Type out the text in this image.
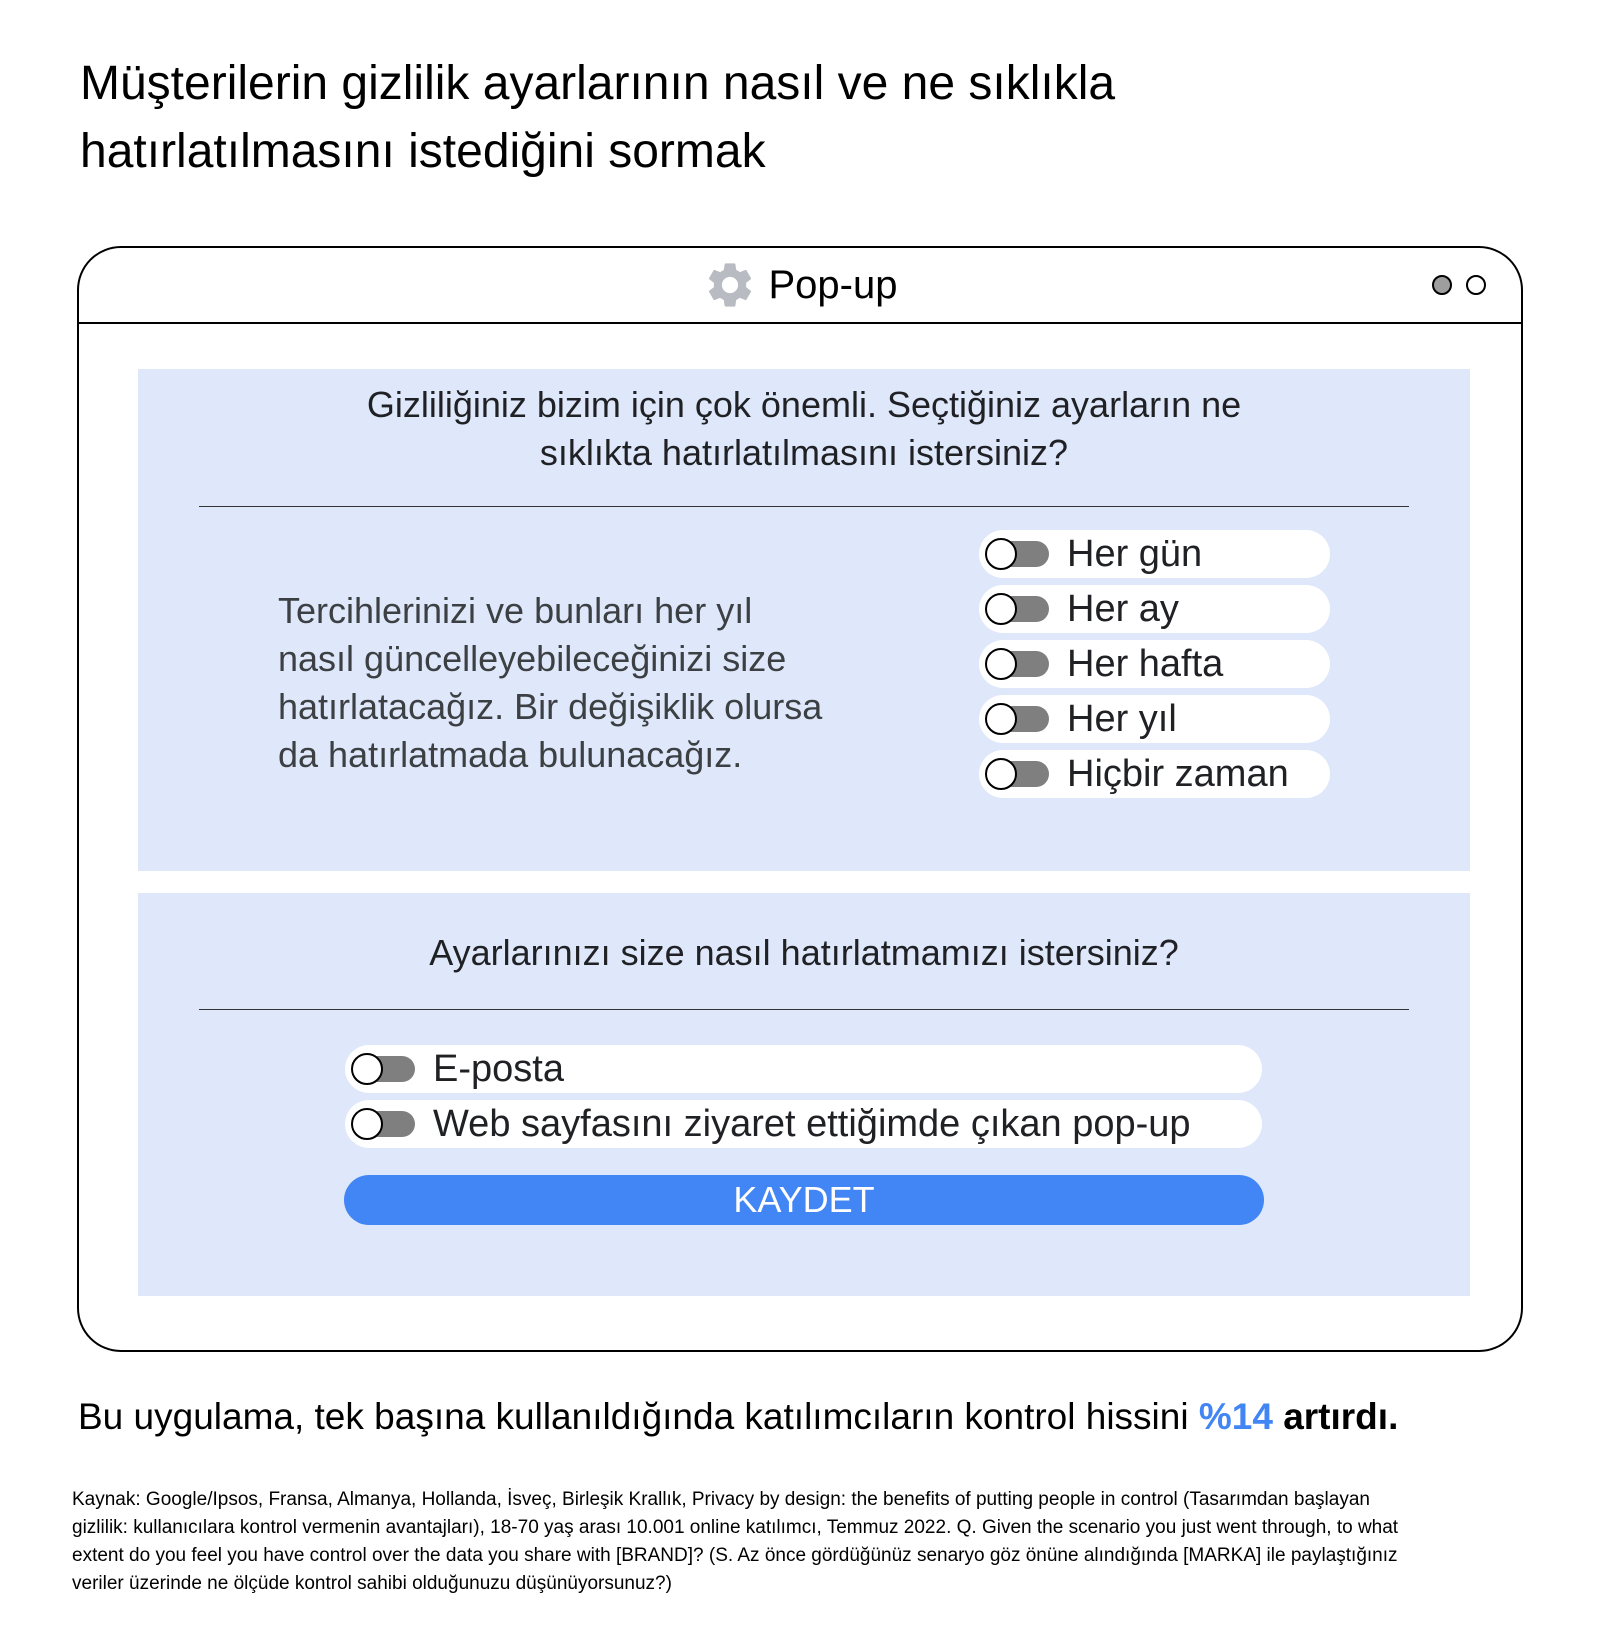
Müşterilerin gizlilik ayarlarının nasıl ve ne sıklıkla
hatırlatılmasını istediğini sormak
Pop-up

Gizliliğiniz bizim için çok önemli. Seçtiğiniz ayarların ne
sıklıkta hatırlatılmasını istersiniz?

Tercihlerinizi ve bunları her yıl
nasıl güncelleyebileceğinizi size
hatırlatacağız. Bir değişiklik olursa
da hatırlatmada bulunacağız.

Her gün
Her ay
Her hafta
Her yıl
Hiçbir zaman

Ayarlarınızı size nasıl hatırlatmamızı istersiniz?

E-posta
Web sayfasını ziyaret ettiğimde çıkan pop-up
KAYDET

Bu uygulama, tek başına kullanıldığında katılımcıların kontrol hissini %14 artırdı.

Kaynak: Google/Ipsos, Fransa, Almanya, Hollanda, İsveç, Birleşik Krallık, Privacy by design: the benefits of putting people in control (Tasarımdan başlayan
gizlilik: kullanıcılara kontrol vermenin avantajları), 18-70 yaş arası 10.001 online katılımcı, Temmuz 2022. Q. Given the scenario you just went through, to what
extent do you feel you have control over the data you share with [BRAND]? (S. Az önce gördüğünüz senaryo göz önüne alındığında [MARKA] ile paylaştığınız
veriler üzerinde ne ölçüde kontrol sahibi olduğunuzu düşünüyorsunuz?)
